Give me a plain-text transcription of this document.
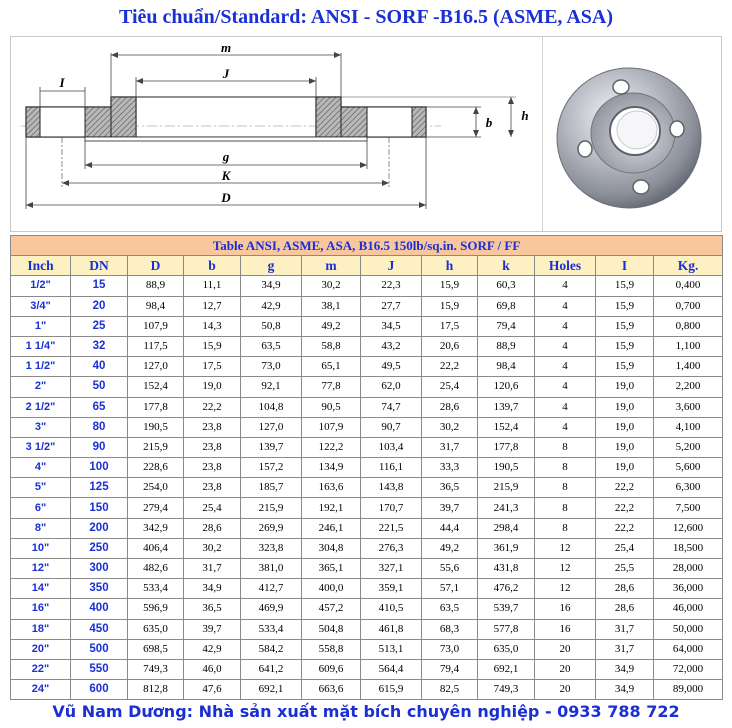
Tiêu chuẩn/Standard: ANSI - SORF -B16.5 (ASME, ASA)
m
J
I
b h
g
K
D
Table ANSI, ASME, ASA, B16.5 150lb/sq.in. SORF / FF											
Inch	DN	D	b	g	m	J	h	k	Holes	I	Kg.
1/2"	15	88,9	11,1	34,9	30,2	22,3	15,9	60,3	4	15,9	0,400
3/4"	20	98,4	12,7	42,9	38,1	27,7	15,9	69,8	4	15,9	0,700
1"	25	107,9	14,3	50,8	49,2	34,5	17,5	79,4	4	15,9	0,800
1 1/4"	32	117,5	15,9	63,5	58,8	43,2	20,6	88,9	4	15,9	1,100
1 1/2"	40	127,0	17,5	73,0	65,1	49,5	22,2	98,4	4	15,9	1,400
2"	50	152,4	19,0	92,1	77,8	62,0	25,4	120,6	4	19,0	2,200
2 1/2"	65	177,8	22,2	104,8	90,5	74,7	28,6	139,7	4	19,0	3,600
3"	80	190,5	23,8	127,0	107,9	90,7	30,2	152,4	4	19,0	4,100
3 1/2"	90	215,9	23,8	139,7	122,2	103,4	31,7	177,8	8	19,0	5,200
4"	100	228,6	23,8	157,2	134,9	116,1	33,3	190,5	8	19,0	5,600
5"	125	254,0	23,8	185,7	163,6	143,8	36,5	215,9	8	22,2	6,300
6"	150	279,4	25,4	215,9	192,1	170,7	39,7	241,3	8	22,2	7,500
8"	200	342,9	28,6	269,9	246,1	221,5	44,4	298,4	8	22,2	12,600
10"	250	406,4	30,2	323,8	304,8	276,3	49,2	361,9	12	25,4	18,500
12"	300	482,6	31,7	381,0	365,1	327,1	55,6	431,8	12	25,5	28,000
14"	350	533,4	34,9	412,7	400,0	359,1	57,1	476,2	12	28,6	36,000
16"	400	596,9	36,5	469,9	457,2	410,5	63,5	539,7	16	28,6	46,000
18"	450	635,0	39,7	533,4	504,8	461,8	68,3	577,8	16	31,7	50,000
20"	500	698,5	42,9	584,2	558,8	513,1	73,0	635,0	20	31,7	64,000
22"	550	749,3	46,0	641,2	609,6	564,4	79,4	692,1	20	34,9	72,000
24"	600	812,8	47,6	692,1	663,6	615,9	82,5	749,3	20	34,9	89,000
Vũ Nam Dương: Nhà sản xuất mặt bích chuyên nghiệp - 0933 788 722
